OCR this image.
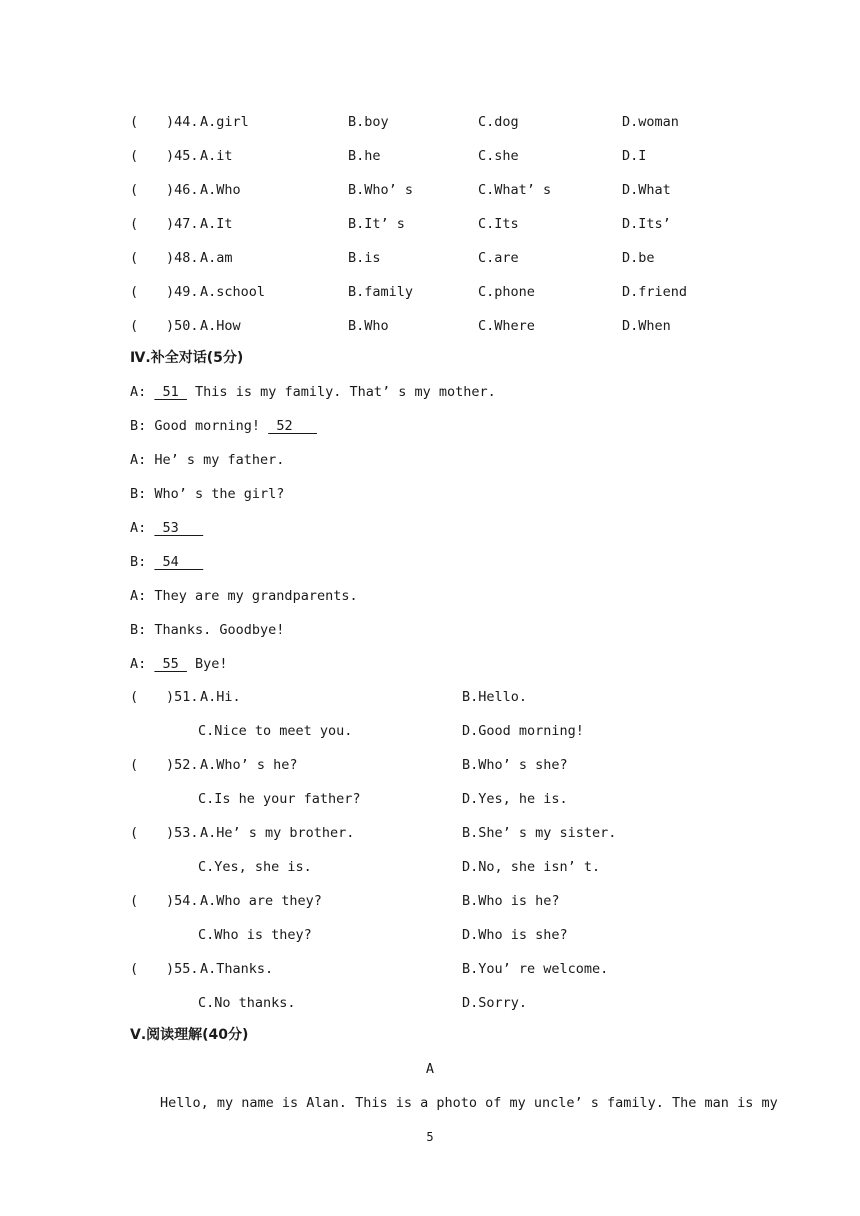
( )44. A.girl	B.boy	C.dog	D.woman
( )45. A.it	B.he	C.she	D.I
( )46. A.Who	B.Who’ s	C.What’ s	D.What
( )47. A.It	B.It’ s	C.Its	D.Its’
( )48. A.am	B.is	C.are	D.be
( )49. A.school	B.family	C.phone	D.friend
( )50. A.How	B.Who	C.Where	D.When
Ⅳ.补全对话(5分)
A:  51  This is my family. That’ s my mother.
B: Good morning!  52
A: He’ s my father.
B: Who’ s the girl?
A:  53
B:  54
A: They are my grandparents.
B: Thanks. Goodbye!
A:  55  Bye!
( )51. A.Hi.	B.Hello.
C.Nice to meet you.	D.Good morning!
( )52. A.Who’ s he?	B.Who’ s she?
C.Is he your father?	D.Yes, he is.
( )53. A.He’ s my brother.	B.She’ s my sister.
C.Yes, she is.	D.No, she isn’ t.
( )54. A.Who are they?	B.Who is he?
C.Who is they?	D.Who is she?
( )55. A.Thanks.	B.You’ re welcome.
C.No thanks.	D.Sorry.
Ⅴ.阅读理解(40分)
A
Hello, my name is Alan. This is a photo of my uncle’ s family. The man is my
5
